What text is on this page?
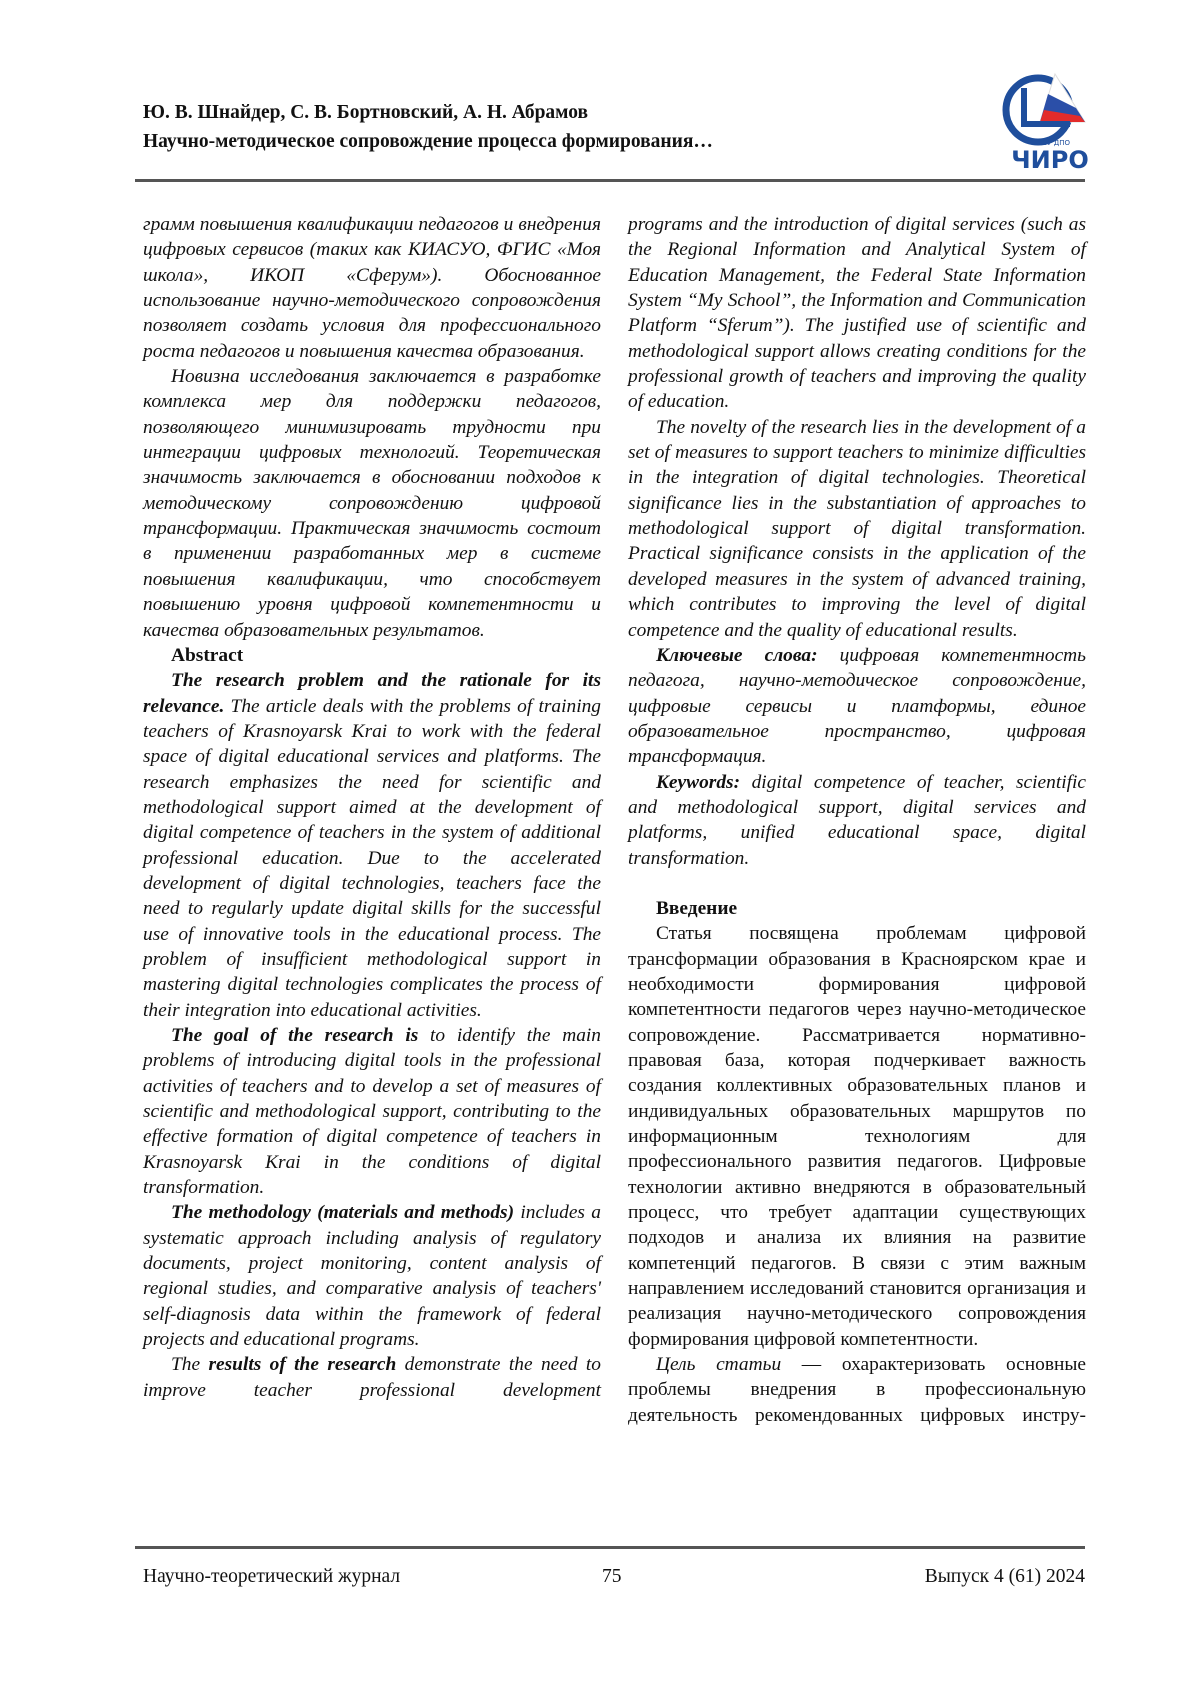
Ю. В. Шнайдер, С. В. Бортновский, А. Н. Абрамов
Научно-методическое сопровождение процесса формирования…	ГБУ ДПО
ЧИРО

грамм повышения квалификации педагогов и внедрения цифровых сервисов (таких как КИАСУО, ФГИС «Моя школа», ИКОП «Сферум»). Обоснованное использование научно-методического сопровождения позволяет создать условия для профессионального роста педагогов и повышения качества образования.

Новизна исследования заключается в разработке комплекса мер для поддержки педагогов, позволяющего минимизировать трудности при интеграции цифровых технологий. Теоретическая значимость заключается в обосновании подходов к методическому сопровождению цифровой трансформации. Практическая значимость состоит в применении разработанных мер в системе повышения квалификации, что способствует повышению уровня цифровой компетентности и качества образовательных результатов.

Abstract

The research problem and the rationale for its relevance. The article deals with the problems of training teachers of Krasnoyarsk Krai to work with the federal space of digital educational services and platforms. The research emphasizes the need for scientific and methodological support aimed at the development of digital competence of teachers in the system of additional professional education. Due to the accelerated development of digital technologies, teachers face the need to regularly update digital skills for the successful use of innovative tools in the educational process. The problem of insufficient methodological support in mastering digital technologies complicates the process of their integration into educational activities.

The goal of the research is to identify the main problems of introducing digital tools in the professional activities of teachers and to develop a set of measures of scientific and methodological support, contributing to the effective formation of digital competence of teachers in Krasnoyarsk Krai in the conditions of digital transformation.

The methodology (materials and methods) includes a systematic approach including analysis of regulatory documents, project monitoring, content analysis of regional studies, and comparative analysis of teachers' self-diagnosis data within the framework of federal projects and educational programs.

The results of the research demonstrate the need to improve teacher professional development

programs and the introduction of digital services (such as the Regional Information and Analytical System of Education Management, the Federal State Information System “My School”, the Information and Communication Platform “Sferum”). The justified use of scientific and methodological support allows creating conditions for the professional growth of teachers and improving the quality of education.

The novelty of the research lies in the development of a set of measures to support teachers to minimize difficulties in the integration of digital technologies. Theoretical significance lies in the substantiation of approaches to methodological support of digital transformation. Practical significance consists in the application of the developed measures in the system of advanced training, which contributes to improving the level of digital competence and the quality of educational results.

Ключевые слова: цифровая компетентность педагога, научно-методическое сопровождение, цифровые сервисы и платформы, единое образовательное пространство, цифровая трансформация.

Keywords: digital competence of teacher, scientific and methodological support, digital services and platforms, unified educational space, digital transformation.

Введение

Статья посвящена проблемам цифровой трансформации образования в Красноярском крае и необходимости формирования цифровой компетентности педагогов через научно-методическое сопровождение. Рассматривается нормативно-правовая база, которая подчеркивает важность создания коллективных образовательных планов и индивидуальных образовательных маршрутов по информационным технологиям для профессионального развития педагогов. Цифровые технологии активно внедряются в образовательный процесс, что требует адаптации существующих подходов и анализа их влияния на развитие компетенций педагогов. В связи с этим важным направлением исследований становится организация и реализация научно-методического сопровождения формирования цифровой компетентности.

Цель статьи — охарактеризовать основные проблемы внедрения в профессиональную деятельность рекомендованных цифровых инстру-

Научно-теоретический журнал	75	Выпуск 4 (61) 2024
